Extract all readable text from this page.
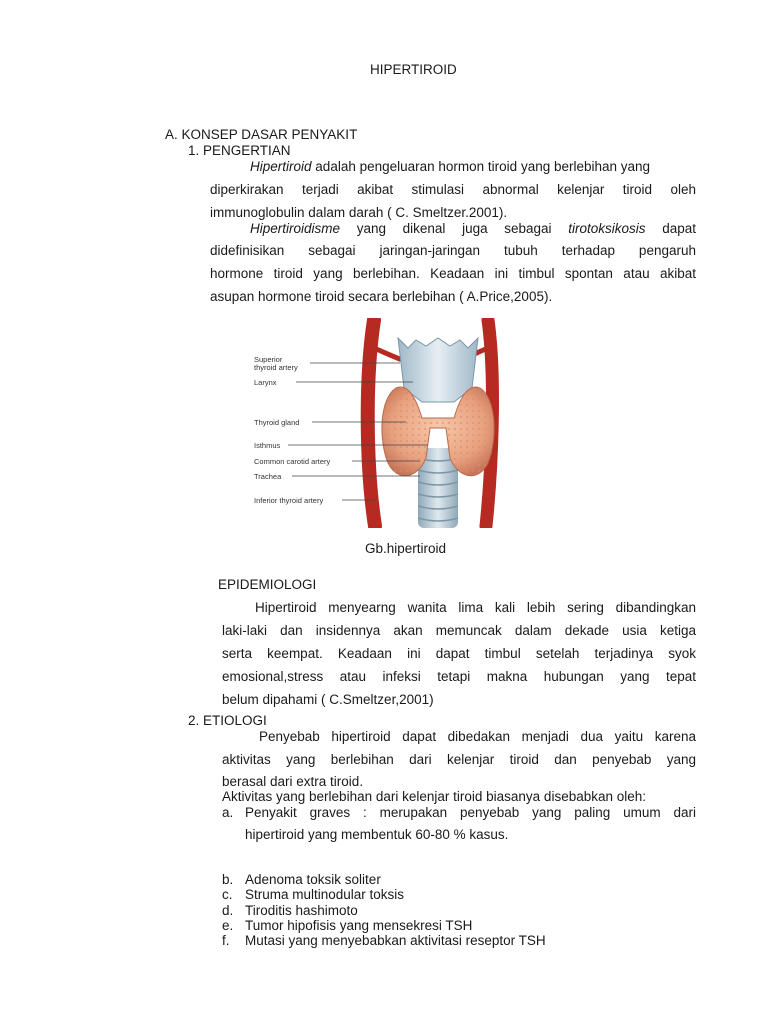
HIPERTIROID
A. KONSEP DASAR PENYAKIT
1. PENGERTIAN
Hipertiroid adalah pengeluaran hormon tiroid yang berlebihan yang
diperkirakan terjadi akibat stimulasi abnormal kelenjar tiroid oleh
immunoglobulin dalam darah ( C. Smeltzer.2001).
Hipertiroidisme yang dikenal juga sebagai tirotoksikosis dapat
didefinisikan sebagai jaringan-jaringan tubuh terhadap pengaruh
hormone tiroid yang berlebihan. Keadaan ini timbul spontan atau akibat
asupan hormone tiroid secara berlebihan ( A.Price,2005).
Superior
thyroid artery
Larynx
Thyroid gland
Isthmus
Common carotid artery
Trachea
Inferior thyroid artery
Gb.hipertiroid
EPIDEMIOLOGI
Hipertiroid menyearng wanita lima kali lebih sering dibandingkan
laki-laki dan insidennya akan memuncak dalam dekade usia ketiga
serta keempat. Keadaan ini dapat timbul setelah terjadinya syok
emosional,stress atau infeksi tetapi makna hubungan yang tepat
belum dipahami ( C.Smeltzer,2001)
2. ETIOLOGI
Penyebab hipertiroid dapat dibedakan menjadi dua yaitu karena
aktivitas yang berlebihan dari kelenjar tiroid dan penyebab yang
berasal dari extra tiroid.
Aktivitas yang berlebihan dari kelenjar tiroid biasanya disebabkan oleh:
a. Penyakit graves : merupakan penyebab yang paling umum dari
hipertiroid yang membentuk 60-80 % kasus.
b. Adenoma toksik soliter
c. Struma multinodular toksis
d. Tiroditis hashimoto
e. Tumor hipofisis yang mensekresi TSH
f. Mutasi yang menyebabkan aktivitasi reseptor TSH
